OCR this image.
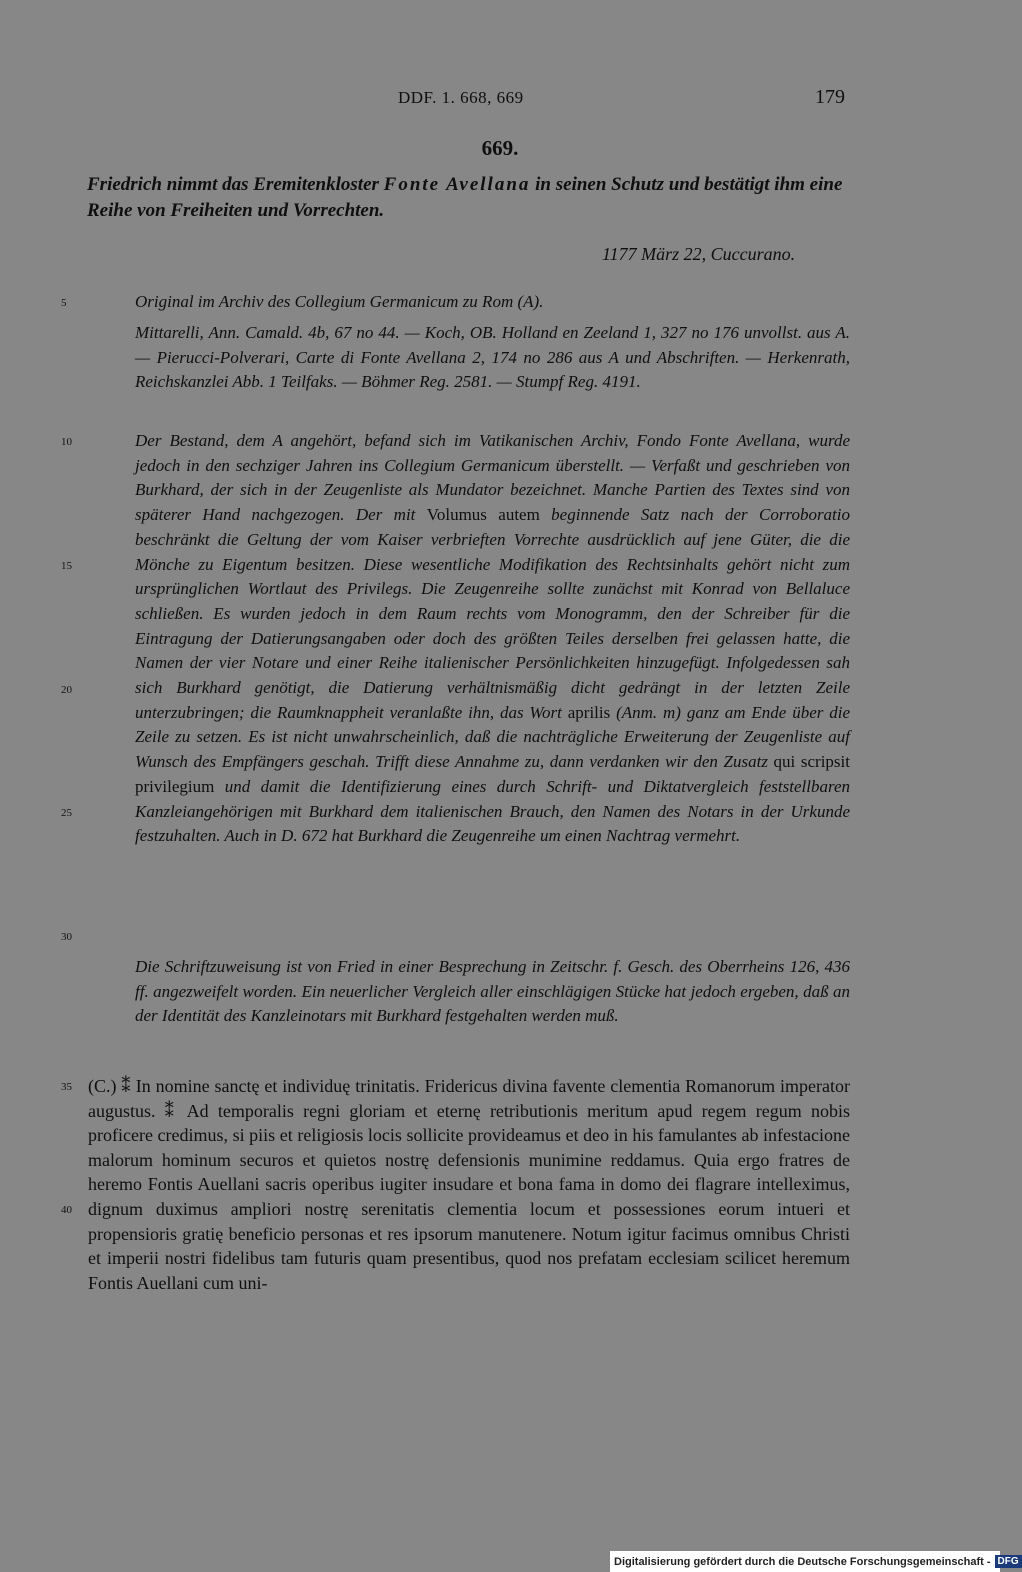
DDF. 1. 668, 669	179
669.
Friedrich nimmt das Eremitenkloster Fonte Avellana in seinen Schutz und bestätigt ihm eine Reihe von Freiheiten und Vorrechten.
1177 März 22, Cuccurano.
Original im Archiv des Collegium Germanicum zu Rom (A).
Mittarelli, Ann. Camald. 4b, 67 no 44. — Koch, OB. Holland en Zeeland 1, 327 no 176 unvollst. aus A. — Pierucci-Polverari, Carte di Fonte Avellana 2, 174 no 286 aus A und Abschriften. — Herkenrath, Reichskanzlei Abb. 1 Teilfaks. — Böhmer Reg. 2581. — Stumpf Reg. 4191.
Der Bestand, dem A angehört, befand sich im Vatikanischen Archiv, Fondo Fonte Avellana, wurde jedoch in den sechziger Jahren ins Collegium Germanicum überstellt. — Verfaßt und geschrieben von Burkhard, der sich in der Zeugenliste als Mundator bezeichnet. Manche Partien des Textes sind von späterer Hand nachgezogen. Der mit Volumus autem beginnende Satz nach der Corroboratio beschränkt die Geltung der vom Kaiser verbrieften Vorrechte ausdrücklich auf jene Güter, die die Mönche zu Eigentum besitzen. Diese wesentliche Modifikation des Rechtsinhalts gehört nicht zum ursprünglichen Wortlaut des Privilegs. Die Zeugenreihe sollte zunächst mit Konrad von Bellaluce schließen. Es wurden jedoch in dem Raum rechts vom Monogramm, den der Schreiber für die Eintragung der Datierungsangaben oder doch des größten Teiles derselben frei gelassen hatte, die Namen der vier Notare und einer Reihe italienischer Persönlichkeiten hinzugefügt. Infolgedessen sah sich Burkhard genötigt, die Datierung verhältnismäßig dicht gedrängt in der letzten Zeile unterzubringen; die Raumknappheit veranlaßte ihn, das Wort aprilis (Anm. m) ganz am Ende über die Zeile zu setzen. Es ist nicht unwahrscheinlich, daß die nachträgliche Erweiterung der Zeugenliste auf Wunsch des Empfängers geschah. Trifft diese Annahme zu, dann verdanken wir den Zusatz qui scripsit privilegium und damit die Identifizierung eines durch Schrift- und Diktatvergleich feststellbaren Kanzleiangehörigen mit Burkhard dem italienischen Brauch, den Namen des Notars in der Urkunde festzuhalten. Auch in D. 672 hat Burkhard die Zeugenreihe um einen Nachtrag vermehrt.
Die Schriftzuweisung ist von Fried in einer Besprechung in Zeitschr. f. Gesch. des Oberrheins 126, 436 ff. angezweifelt worden. Ein neuerlicher Vergleich aller einschlägigen Stücke hat jedoch ergeben, daß an der Identität des Kanzleinotars mit Burkhard festgehalten werden muß.
5
10
15
20
25
30
35
40

(C.) ⁑ In nomine sanctę et individuę trinitatis. Fridericus divina favente clementia Romanorum imperator augustus. ⁑ Ad temporalis regni gloriam et eternę retributionis meritum apud regem regum nobis proficere credimus, si piis et religiosis locis sollicite provideamus et deo in his famulantes ab infestacione malorum hominum securos et quietos nostrę defensionis munimine reddamus. Quia ergo fratres de heremo Fontis Auellani sacris operibus iugiter insudare et bona fama in domo dei flagrare intelleximus, dignum duximus ampliori nostrę serenitatis clementia locum et possessiones eorum intueri et propensioris gratię beneficio personas et res ipsorum manutenere. Notum igitur facimus omnibus Christi et imperii nostri fidelibus tam futuris quam presentibus, quod nos prefatam ecclesiam scilicet heremum Fontis Auellani cum uni-

Digitalisierung gefördert durch die Deutsche Forschungsgemeinschaft - DFG
